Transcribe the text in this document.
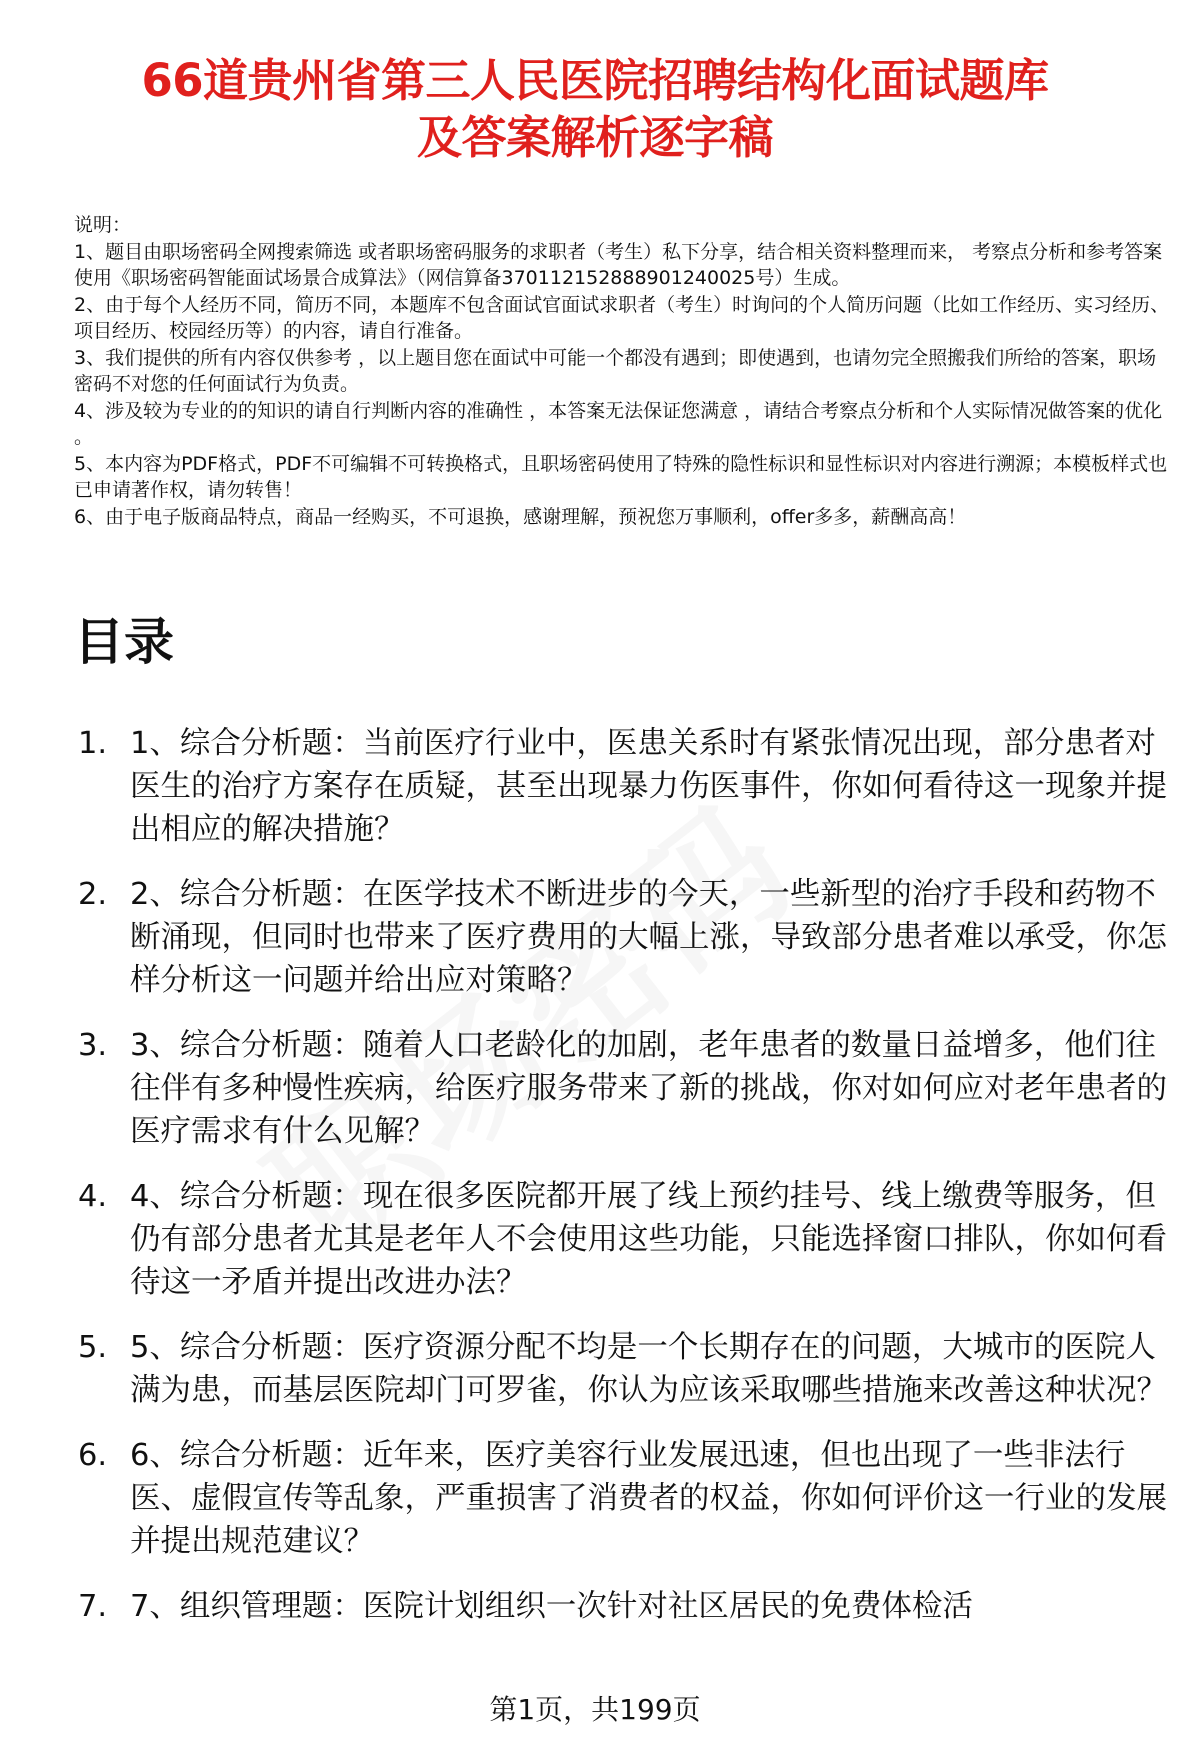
66道贵州省第三人民医院招聘结构化面试题库
及答案解析逐字稿

说明：

1、题目由职场密码全网搜索筛选 或者职场密码服务的求职者（考生）私下分享，结合相关资料整理而来， 考察点分析和参考答案使用《职场密码智能面试场景合成算法》（网信算备370112152888901240025号）生成。

2、由于每个人经历不同，简历不同，本题库不包含面试官面试求职者（考生）时询问的个人简历问题（比如工作经历、实习经历、项目经历、校园经历等）的内容，请自行准备。

3、我们提供的所有内容仅供参考 ，以上题目您在面试中可能一个都没有遇到；即使遇到，也请勿完全照搬我们所给的答案，职场密码不对您的任何面试行为负责。

4、涉及较为专业的的知识的请自行判断内容的准确性 ，本答案无法保证您满意 ，请结合考察点分析和个人实际情况做答案的优化 。

5、本内容为PDF格式，PDF不可编辑不可转换格式，且职场密码使用了特殊的隐性标识和显性标识对内容进行溯源；本模板样式也已申请著作权，请勿转售！

6、由于电子版商品特点，商品一经购买，不可退换，感谢理解，预祝您万事顺利，offer多多，薪酬高高！

目录
1. 1、综合分析题：当前医疗行业中，医患关系时有紧张情况出现，部分患者对医生的治疗方案存在质疑，甚至出现暴力伤医事件，你如何看待这一现象并提出相应的解决措施？
2. 2、综合分析题：在医学技术不断进步的今天，一些新型的治疗手段和药物不断涌现，但同时也带来了医疗费用的大幅上涨，导致部分患者难以承受，你怎样分析这一问题并给出应对策略？
3. 3、综合分析题：随着人口老龄化的加剧，老年患者的数量日益增多，他们往往伴有多种慢性疾病，给医疗服务带来了新的挑战，你对如何应对老年患者的医疗需求有什么见解？
4. 4、综合分析题：现在很多医院都开展了线上预约挂号、线上缴费等服务，但仍有部分患者尤其是老年人不会使用这些功能，只能选择窗口排队，你如何看待这一矛盾并提出改进办法？
5. 5、综合分析题：医疗资源分配不均是一个长期存在的问题，大城市的医院人满为患，而基层医院却门可罗雀，你认为应该采取哪些措施来改善这种状况？
6. 6、综合分析题：近年来，医疗美容行业发展迅速，但也出现了一些非法行医、虚假宣传等乱象，严重损害了消费者的权益，你如何评价这一行业的发展并提出规范建议？
7. 7、组织管理题：医院计划组织一次针对社区居民的免费体检活
第1页，共199页
